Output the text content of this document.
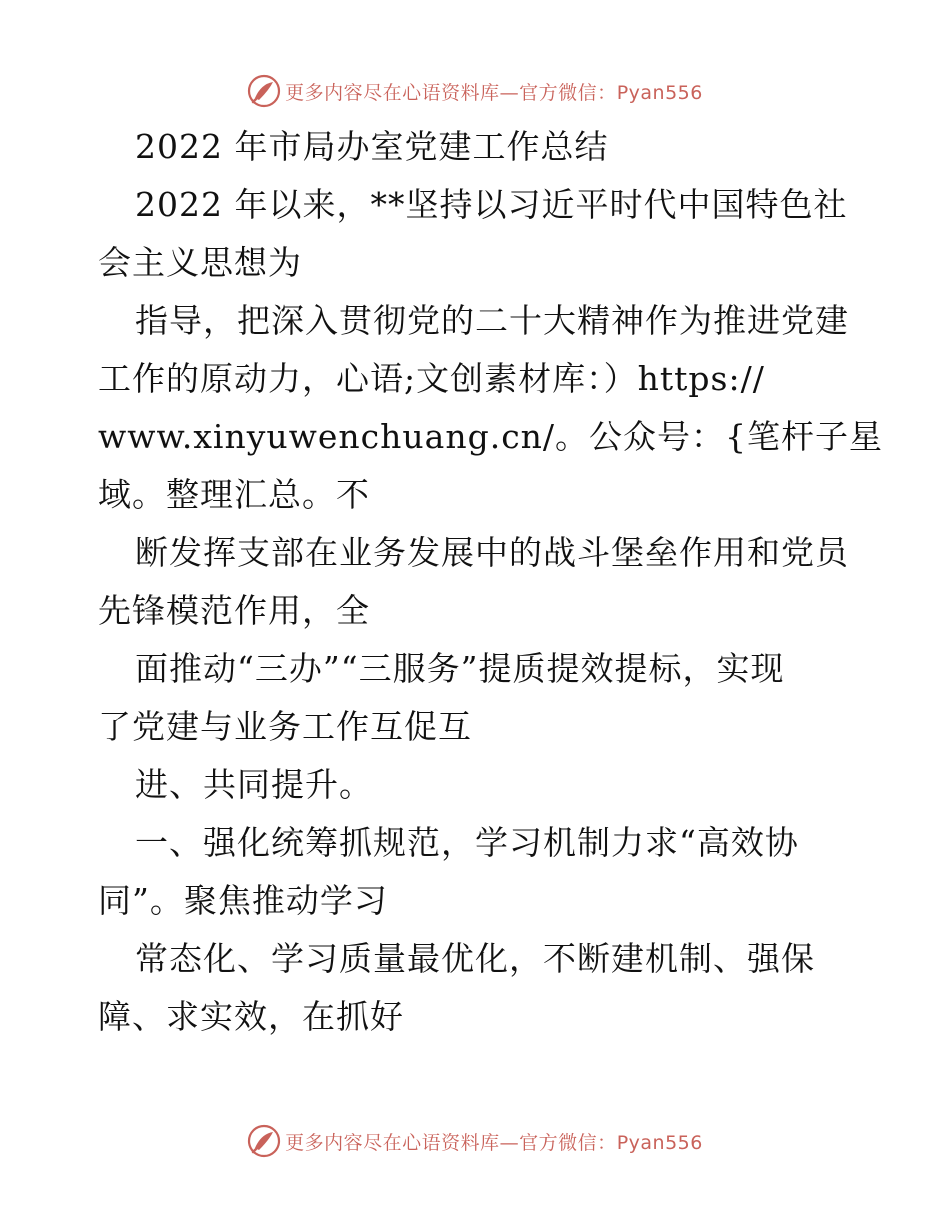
更多内容尽在心语资料库—官方微信：Pyan556
2022 年市局办室党建工作总结
2022 年以来，**坚持以习近平时代中国特色社
会主义思想为
指导，把深入贯彻党的二十大精神作为推进党建
工作的原动力，心语;文创素材库：）https://
www.xinyuwenchuang.cn/。公众号：{笔杆子星
域。整理汇总。不
断发挥支部在业务发展中的战斗堡垒作用和党员
先锋模范作用，全
面推动“三办”“三服务”提质提效提标，实现
了党建与业务工作互促互
进、共同提升。
一、强化统筹抓规范，学习机制力求“高效协
同”。聚焦推动学习
常态化、学习质量最优化，不断建机制、强保
障、求实效，在抓好
更多内容尽在心语资料库—官方微信：Pyan556
